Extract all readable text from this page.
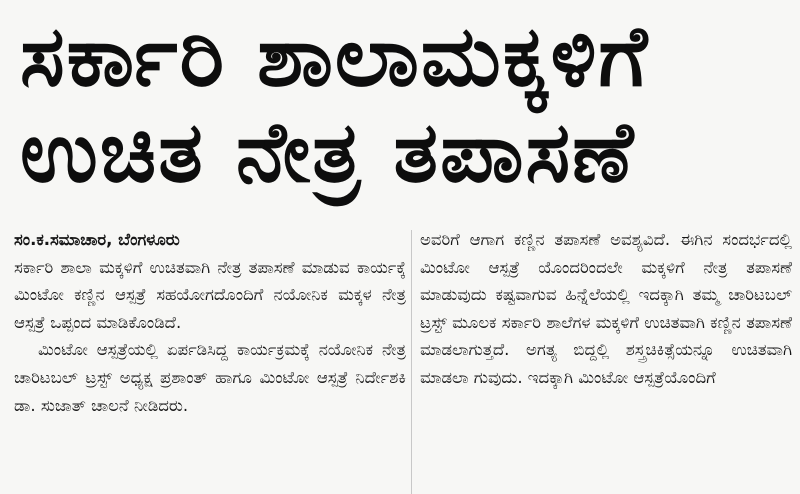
ಸರ್ಕಾರಿ ಶಾಲಾಮಕ್ಕಳಿಗೆ
ಉಚಿತ ನೇತ್ರ ತಪಾಸಣೆ

ಸಂ.ಕ.ಸಮಾಚಾರ, ಬೆಂಗಳೂರು

ಸರ್ಕಾರಿ ಶಾಲಾ ಮಕ್ಕಳಿಗೆ ಉಚಿತವಾಗಿ ನೇತ್ರ ತಪಾಸಣೆ ಮಾಡುವ ಕಾರ್ಯಕ್ಕೆ ಮಿಂಟೋ ಕಣ್ಣಿನ ಆಸ್ಪತ್ರೆ ಸಹಯೋಗದೊಂದಿಗೆ ನಯೋನಿಕ ಮಕ್ಕಳ ನೇತ್ರ ಆಸ್ಪತ್ರೆ ಒಪ್ಪಂದ ಮಾಡಿಕೊಂಡಿದೆ.

ಮಿಂಟೋ ಆಸ್ಪತ್ರೆಯಲ್ಲಿ ಏರ್ಪಡಿಸಿದ್ದ ಕಾರ್ಯಕ್ರಮಕ್ಕೆ ನಯೋನಿಕ ನೇತ್ರ ಚಾರಿಟಬಲ್ ಟ್ರಸ್ಟ್ ಅಧ್ಯಕ್ಷ ಪ್ರಶಾಂತ್ ಹಾಗೂ ಮಿಂಟೋ ಆಸ್ಪತ್ರೆ ನಿರ್ದೇಶಕಿ ಡಾ. ಸುಜಾತ್ ಚಾಲನೆ ನೀಡಿದರು.

ಅವರಿಗೆ ಆಗಾಗ ಕಣ್ಣಿನ ತಪಾಸಣೆ ಅವಶ್ಯವಿದೆ. ಈಗಿನ ಸಂದರ್ಭದಲ್ಲಿ ಮಿಂಟೋ ಆಸ್ಪತ್ರೆ ಯೊಂದರಿಂದಲೇ ಮಕ್ಕಳಿಗೆ ನೇತ್ರ ತಪಾಸಣೆ ಮಾಡುವುದು ಕಷ್ಟವಾಗುವ ಹಿನ್ನೆಲೆಯಲ್ಲಿ ಇದಕ್ಕಾಗಿ ತಮ್ಮ ಚಾರಿಟಬಲ್ ಟ್ರಸ್ಟ್ ಮೂಲಕ ಸರ್ಕಾರಿ ಶಾಲೆಗಳ ಮಕ್ಕಳಿಗೆ ಉಚಿತವಾಗಿ ಕಣ್ಣಿನ ತಪಾಸಣೆ ಮಾಡಲಾಗುತ್ತದೆ. ಅಗತ್ಯ ಬಿದ್ದಲ್ಲಿ ಶಸ್ತ್ರಚಿಕಿತ್ಸೆಯನ್ನೂ ಉಚಿತವಾಗಿ ಮಾಡಲಾ ಗುವುದು. ಇದಕ್ಕಾಗಿ ಮಿಂಟೋ ಆಸ್ಪತ್ರೆಯೊಂದಿಗೆ
